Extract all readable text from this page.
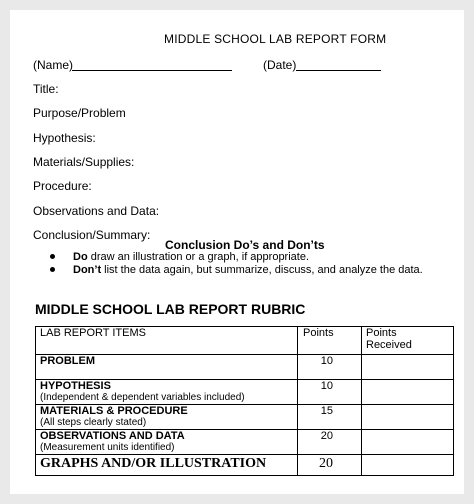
MIDDLE SCHOOL LAB REPORT FORM
(Name)	(Date)
Title:
Purpose/Problem
Hypothesis:
Materials/Supplies:
Procedure:
Observations and Data:
Conclusion/Summary:
Conclusion Do’s and Don’ts
Do draw an illustration or a graph, if appropriate.
Don’t list the data again, but summarize, discuss, and analyze the data.
MIDDLE SCHOOL LAB REPORT RUBRIC
LAB REPORT ITEMS	Points	Points Received

PROBLEM	10	

HYPOTHESIS
(Independent & dependent variables included)	10	

MATERIALS & PROCEDURE
(All steps clearly stated)	15	

OBSERVATIONS AND DATA
(Measurement units identified)	20	
GRAPHS AND/OR ILLUSTRATION	20	
